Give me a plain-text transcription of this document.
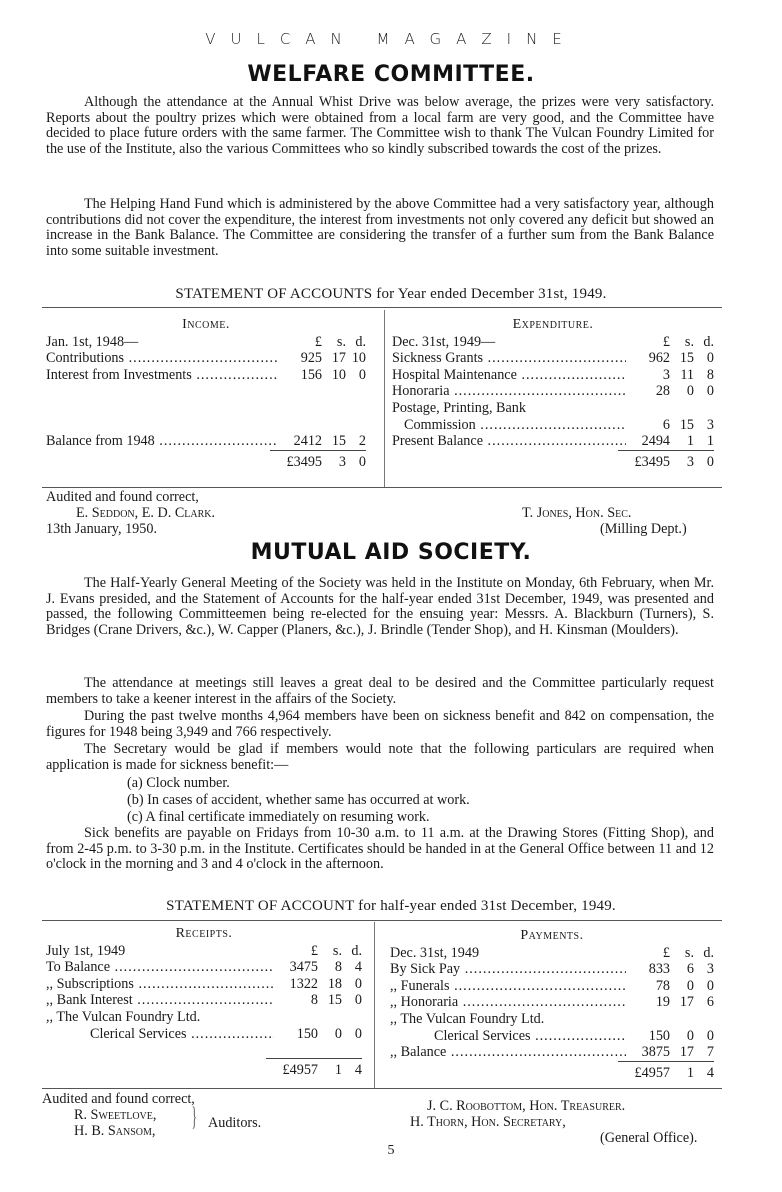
VULCAN MAGAZINE
WELFARE COMMITTEE.
Although the attendance at the Annual Whist Drive was below average, the prizes were very satisfactory. Reports about the poultry prizes which were obtained from a local farm are very good, and the Committee have decided to place future orders with the same farmer. The Committee wish to thank The Vulcan Foundry Limited for the use of the Institute, also the various Committees who so kindly subscribed towards the cost of the prizes.
The Helping Hand Fund which is administered by the above Committee had a very satisfactory year, although contributions did not cover the expenditure, the interest from investments not only covered any deficit but showed an increase in the Bank Balance. The Committee are considering the transfer of a further sum from the Bank Balance into some suitable investment.
STATEMENT OF ACCOUNTS for Year ended December 31st, 1949.
Income.
Jan. 1st, 1948—	£	s. d.
Contributions .....	925 17 10
Interest from Investments .....	156 10 0
Balance from 1948 .....	2412 15 2
£3495	3 0
Expenditure.
Dec. 31st, 1949—	£	s. d.
Sickness Grants .....	962 15 0
Hospital Maintenance .....	3 11 8
Honoraria .....	28	0 0
Postage, Printing, Bank
Commission .....	6 15 3
Present Balance .....	2494	1 1
£3495	3 0
Audited and found correct,
E. Seddon, E. D. Clark.
13th January, 1950.
T. Jones, Hon. Sec.
(Milling Dept.)
MUTUAL AID SOCIETY.
The Half-Yearly General Meeting of the Society was held in the Institute on Monday, 6th February, when Mr. J. Evans presided, and the Statement of Accounts for the half-year ended 31st December, 1949, was presented and passed, the following Committeemen being re-elected for the ensuing year: Messrs. A. Blackburn (Turners), S. Bridges (Crane Drivers, &c.), W. Capper (Planers, &c.), J. Brindle (Tender Shop), and H. Kinsman (Moulders).
The attendance at meetings still leaves a great deal to be desired and the Committee particularly request members to take a keener interest in the affairs of the Society.
During the past twelve months 4,964 members have been on sickness benefit and 842 on compensation, the figures for 1948 being 3,949 and 766 respectively.
The Secretary would be glad if members would note that the following particulars are required when application is made for sickness benefit:—
(a) Clock number.
(b) In cases of accident, whether same has occurred at work.
(c) A final certificate immediately on resuming work.
Sick benefits are payable on Fridays from 10-30 a.m. to 11 a.m. at the Drawing Stores (Fitting Shop), and from 2-45 p.m. to 3-30 p.m. in the Institute. Certificates should be handed in at the General Office between 11 and 12 o'clock in the morning and 3 and 4 o'clock in the afternoon.
STATEMENT OF ACCOUNT for half-year ended 31st December, 1949.
Receipts.
July 1st, 1949	£	s. d.
To Balance .....	3475	8 4
,, Subscriptions .....	1322 18 0
,, Bank Interest .....	8 15 0
,, The Vulcan Foundry Ltd.
Clerical Services .....	150	0 0
£4957	1 4
Payments.
Dec. 31st, 1949	£	s. d.
By Sick Pay .....	833	6 3
,, Funerals .....	78	0 0
,, Honoraria .....	19 17 6
,, The Vulcan Foundry Ltd.
Clerical Services .....	150	0 0
,, Balance .....	3875 17 7
£4957	1 4
Audited and found correct,
R. Sweetlove,
H. B. Sansom, } Auditors.
J. C. Roobottom, Hon. Treasurer.
H. Thorn, Hon. Secretary,
(General Office).
5
